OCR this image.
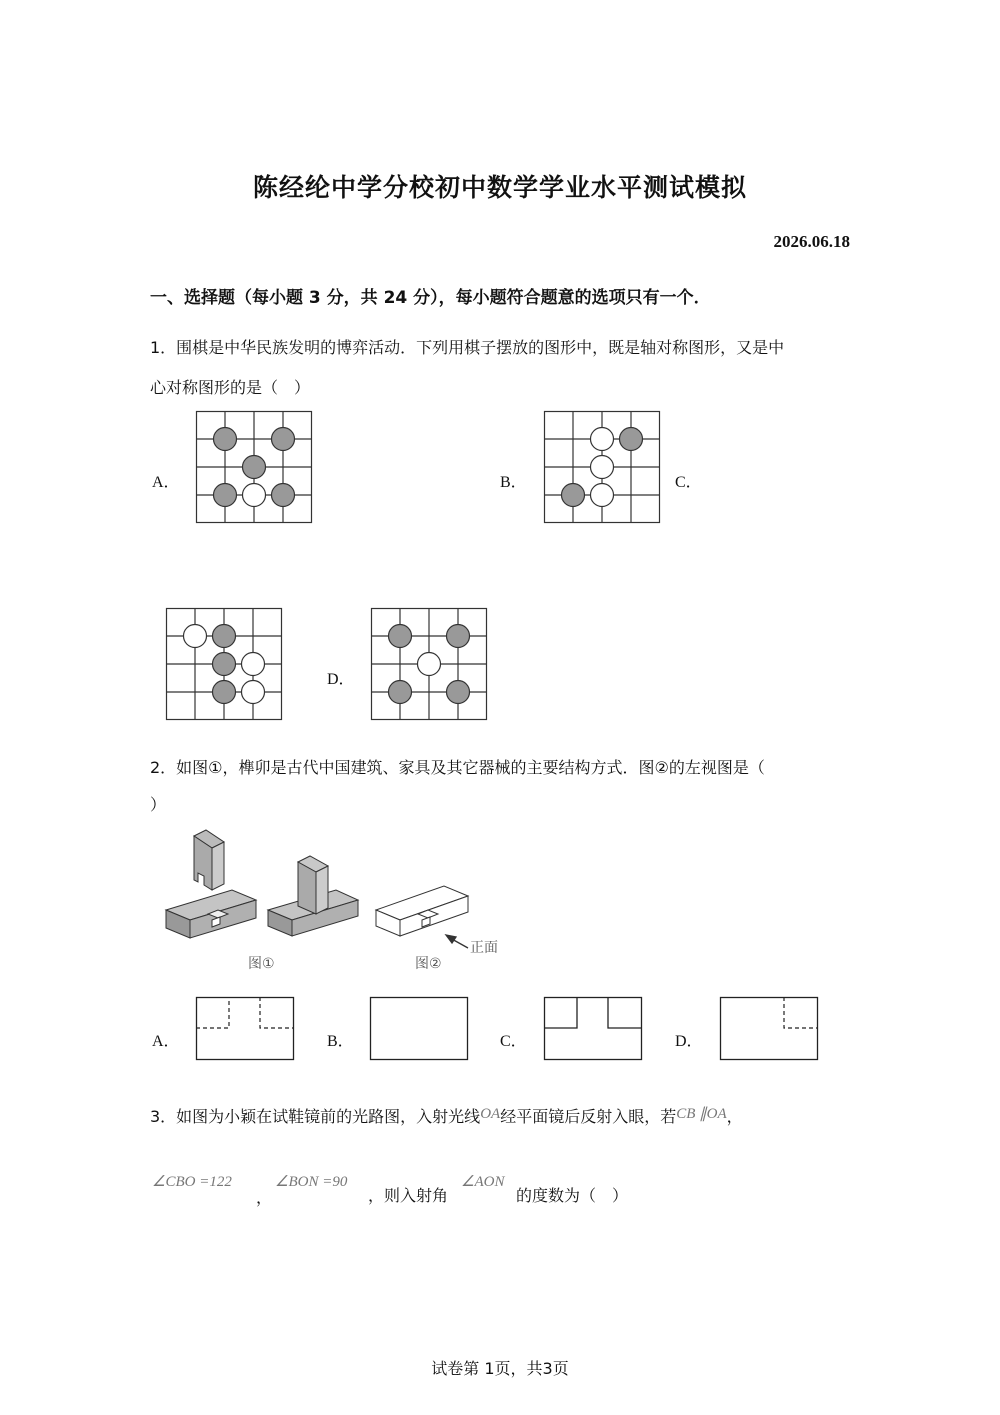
陈经纶中学分校初中数学学业水平测试模拟
2026.06.18
一、选择题（每小题 3 分，共 24 分），每小题符合题意的选项只有一个．
1．围棋是中华民族发明的博弈活动．下列用棋子摆放的图形中，既是轴对称图形，又是中
心对称图形的是（　）
A．	B．	C．
D．
2．如图①，榫卯是古代中国建筑、家具及其它器械的主要结构方式．图②的左视图是（
）
图①	图②
正面
A．	B．	C．	D．
3．如图为小颖在试鞋镜前的光路图，入射光线OA经平面镜后反射入眼，若CB ∥OA，
∠CBO =122
，
∠BON =90
，则入射角
∠AON
的度数为（　）
试卷第 1页，共3页
